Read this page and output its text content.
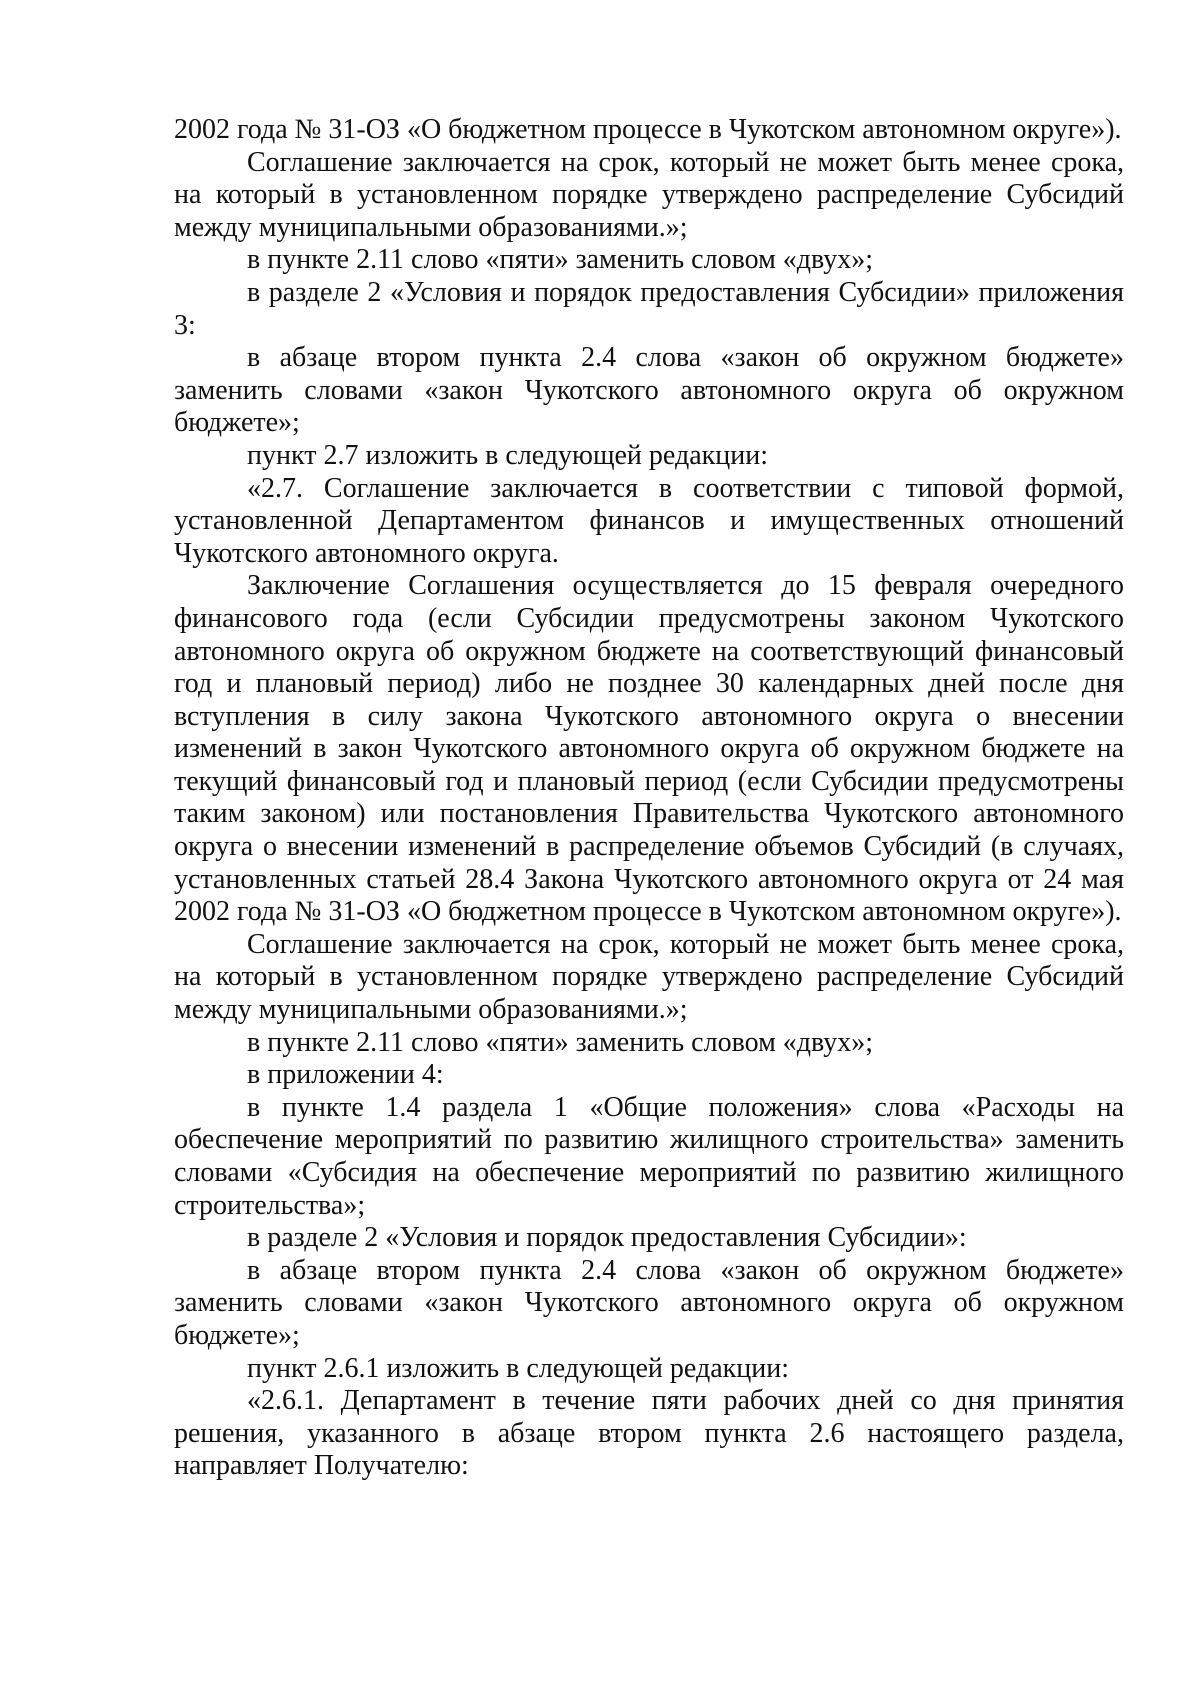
2002 года № 31-ОЗ «О бюджетном процессе в Чукотском автономном округе»).

Соглашение заключается на срок, который не может быть менее срока, на который в установленном порядке утверждено распределение Субсидий между муниципальными образованиями.»;

в пункте 2.11 слово «пяти» заменить словом «двух»;

в разделе 2 «Условия и порядок предоставления Субсидии» приложения 3:

в абзаце втором пункта 2.4 слова «закон об окружном бюджете» заменить словами «закон Чукотского автономного округа об окружном бюджете»;

пункт 2.7 изложить в следующей редакции:

«2.7. Соглашение заключается в соответствии с типовой формой, установленной Департаментом финансов и имущественных отношений Чукотского автономного округа.

Заключение Соглашения осуществляется до 15 февраля очередного финансового года (если Субсидии предусмотрены законом Чукотского автономного округа об окружном бюджете на соответствующий финансовый год и плановый период) либо не позднее 30 календарных дней после дня вступления в силу закона Чукотского автономного округа о внесении изменений в закон Чукотского автономного округа об окружном бюджете на текущий финансовый год и плановый период (если Субсидии предусмотрены таким законом) или постановления Правительства Чукотского автономного округа о внесении изменений в распределение объемов Субсидий (в случаях, установленных статьей 28.4 Закона Чукотского автономного округа от 24 мая 2002 года № 31-ОЗ «О бюджетном процессе в Чукотском автономном округе»).

Соглашение заключается на срок, который не может быть менее срока, на который в установленном порядке утверждено распределение Субсидий между муниципальными образованиями.»;

в пункте 2.11 слово «пяти» заменить словом «двух»;

в приложении 4:

в пункте 1.4 раздела 1 «Общие положения» слова «Расходы на обеспечение мероприятий по развитию жилищного строительства» заменить словами «Субсидия на обеспечение мероприятий по развитию жилищного строительства»;

в разделе 2 «Условия и порядок предоставления Субсидии»:

в абзаце втором пункта 2.4 слова «закон об окружном бюджете» заменить словами «закон Чукотского автономного округа об окружном бюджете»;

пункт 2.6.1 изложить в следующей редакции:

«2.6.1. Департамент в течение пяти рабочих дней со дня принятия решения, указанного в абзаце втором пункта 2.6 настоящего раздела, направляет Получателю:
